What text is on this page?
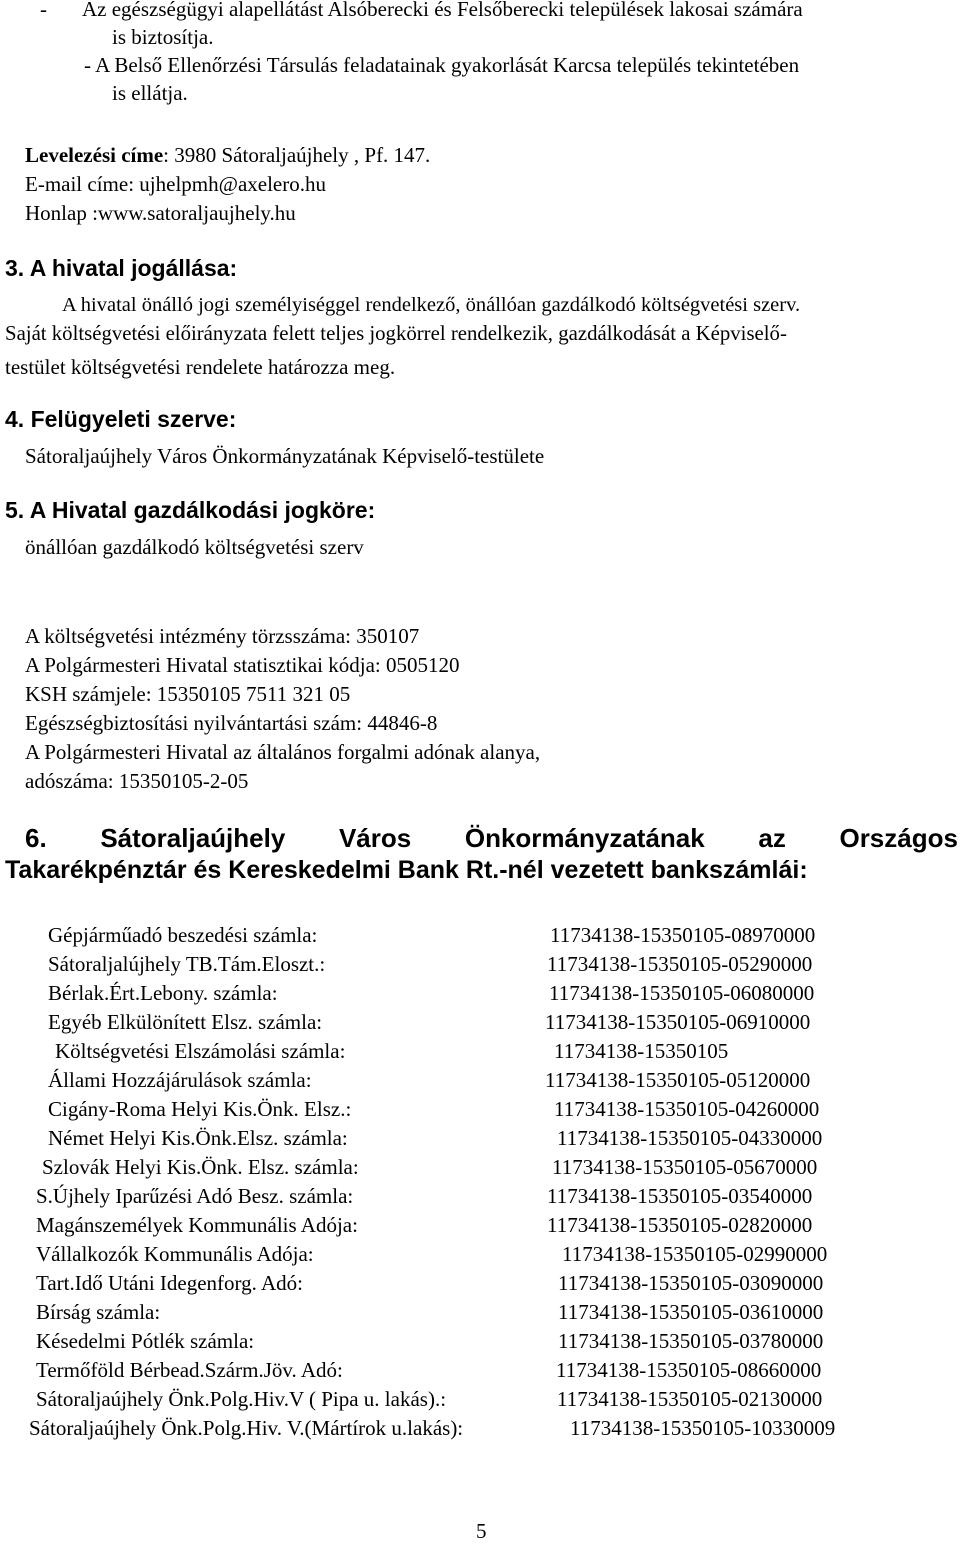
- Az egészségügyi alapellátást Alsóberecki és Felsőberecki települések lakosai számára
is biztosítja.
- A Belső Ellenőrzési Társulás feladatainak gyakorlását Karcsa település tekintetében
is ellátja.
Levelezési címe: 3980 Sátoraljaújhely , Pf. 147.
E-mail címe: ujhelpmh@axelero.hu
Honlap :www.satoraljaujhely.hu
3. A hivatal jogállása:
A hivatal önálló jogi személyiséggel rendelkező, önállóan gazdálkodó költségvetési szerv.
Saját költségvetési előirányzata felett teljes jogkörrel rendelkezik, gazdálkodását a Képviselő-
testület költségvetési rendelete határozza meg.
4. Felügyeleti szerve:
Sátoraljaújhely Város Önkormányzatának Képviselő-testülete
5. A Hivatal gazdálkodási jogköre:
önállóan gazdálkodó költségvetési szerv
A költségvetési intézmény törzsszáma: 350107
A Polgármesteri Hivatal statisztikai kódja: 0505120
KSH számjele: 15350105 7511 321 05
Egészségbiztosítási nyilvántartási szám: 44846-8
A Polgármesteri Hivatal az általános forgalmi adónak alanya,
adószáma: 15350105-2-05
6. Sátoraljaújhely Város Önkormányzatának az Országos
Takarékpénztár és Kereskedelmi Bank Rt.-nél vezetett bankszámlái:
Gépjárműadó beszedési számla:	11734138-15350105-08970000
Sátoraljalújhely TB.Tám.Eloszt.:	11734138-15350105-05290000
Bérlak.Ért.Lebony. számla:	11734138-15350105-06080000
Egyéb Elkülönített Elsz. számla:	11734138-15350105-06910000
Költségvetési Elszámolási számla:	11734138-15350105
Állami Hozzájárulások számla:	11734138-15350105-05120000
Cigány-Roma Helyi Kis.Önk. Elsz.:	11734138-15350105-04260000
Német Helyi Kis.Önk.Elsz. számla:	11734138-15350105-04330000
Szlovák Helyi Kis.Önk. Elsz. számla:	11734138-15350105-05670000
S.Újhely Iparűzési Adó Besz. számla:	11734138-15350105-03540000
Magánszemélyek Kommunális Adója:	11734138-15350105-02820000
Vállalkozók Kommunális Adója:	11734138-15350105-02990000
Tart.Idő Utáni Idegenforg. Adó:	11734138-15350105-03090000
Bírság számla:	11734138-15350105-03610000
Késedelmi Pótlék számla:	11734138-15350105-03780000
Termőföld Bérbead.Szárm.Jöv. Adó:	11734138-15350105-08660000
Sátoraljaújhely Önk.Polg.Hiv.V ( Pipa u. lakás).:	11734138-15350105-02130000
Sátoraljaújhely Önk.Polg.Hiv. V.(Mártírok u.lakás):	11734138-15350105-10330009
5
